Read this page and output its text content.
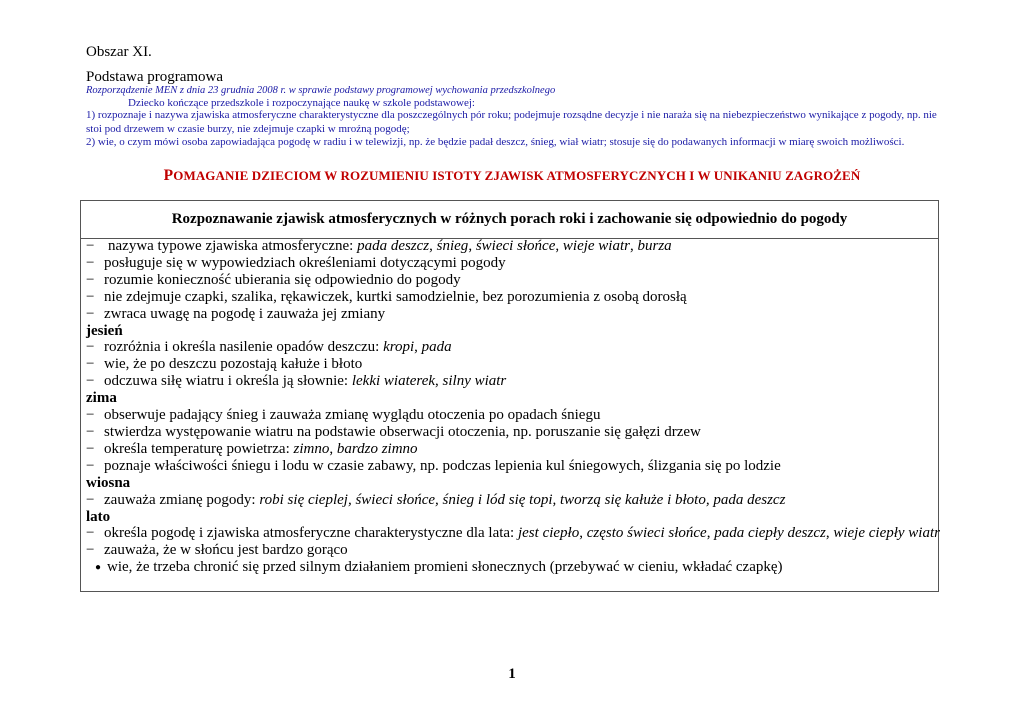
Obszar XI.
Podstawa programowa
Rozporządzenie MEN z dnia 23 grudnia 2008 r. w sprawie podstawy programowej wychowania przedszkolnego
Dziecko kończące przedszkole i rozpoczynające naukę w szkole podstawowej:
1) rozpoznaje i nazywa zjawiska atmosferyczne charakterystyczne dla poszczególnych pór roku; podejmuje rozsądne decyzje i nie naraża się na niebezpieczeństwo wynikające z pogody, np. nie
stoi pod drzewem w czasie burzy, nie zdejmuje czapki w mroźną pogodę;
2) wie, o czym mówi osoba zapowiadająca pogodę w radiu i w telewizji, np. że będzie padał deszcz, śnieg, wiał wiatr; stosuje się do podawanych informacji w miarę swoich możliwości.
POMAGANIE DZIECIOM W ROZUMIENIU ISTOTY ZJAWISK ATMOSFERYCZNYCH I W UNIKANIU ZAGROŻEŃ
Rozpoznawanie zjawisk atmosferycznych w różnych porach roki i zachowanie się odpowiednio do pogody
− nazywa typowe zjawiska atmosferyczne: pada deszcz, śnieg, świeci słońce, wieje wiatr, burza
− posługuje się w wypowiedziach określeniami dotyczącymi pogody
− rozumie konieczność ubierania się odpowiednio do pogody
− nie zdejmuje czapki, szalika, rękawiczek, kurtki samodzielnie, bez porozumienia z osobą dorosłą
− zwraca uwagę na pogodę i zauważa jej zmiany
jesień
− rozróżnia i określa nasilenie opadów deszczu: kropi, pada
− wie, że po deszczu pozostają kałuże i błoto
− odczuwa siłę wiatru i określa ją słownie: lekki wiaterek, silny wiatr
zima
− obserwuje padający śnieg i zauważa zmianę wyglądu otoczenia po opadach śniegu
− stwierdza występowanie wiatru na podstawie obserwacji otoczenia, np. poruszanie się gałęzi drzew
− określa temperaturę powietrza: zimno, bardzo zimno
− poznaje właściwości śniegu i lodu w czasie zabawy, np. podczas lepienia kul śniegowych, ślizgania się po lodzie
wiosna
− zauważa zmianę pogody: robi się cieplej, świeci słońce, śnieg i lód się topi, tworzą się kałuże i błoto, pada deszcz
lato
− określa pogodę i zjawiska atmosferyczne charakterystyczne dla lata: jest ciepło, często świeci słońce, pada ciepły deszcz, wieje ciepły wiatr
− zauważa, że w słońcu jest bardzo gorąco
● wie, że trzeba chronić się przed silnym działaniem promieni słonecznych (przebywać w cieniu, wkładać czapkę)
1
